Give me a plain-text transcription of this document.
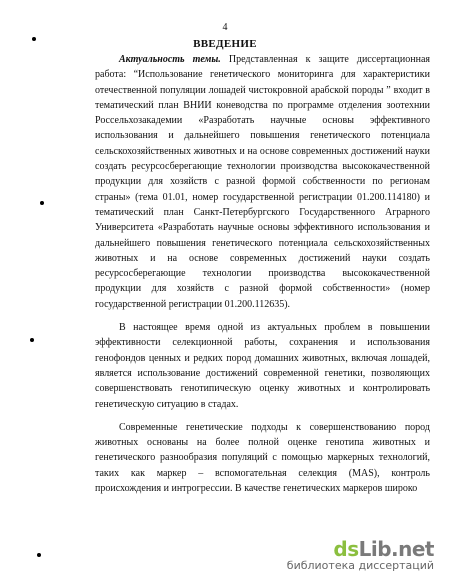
4
ВВЕДЕНИЕ

Актуальность темы. Представленная к защите диссертационная работа: “Использование генетического мониторинга для характеристики отечественной популяции лошадей чистокровной арабской породы ” входит в тематический план ВНИИ коневодства по программе отделения зоотехнии Россельхозакадемии «Разработать научные основы эффективного использования и дальнейшего повышения генетического потенциала сельскохозяйственных животных и на основе современных достижений науки создать ресурсосберегающие технологии производства высококачественной продукции для хозяйств с разной формой собственности по регионам страны» (тема 01.01, номер государственной регистрации 01.200.114180) и тематический план Санкт-Петербургского Государственного Аграрного Университета «Разработать научные основы эффективного использования и дальнейшего повышения генетического потенциала сельскохозяйственных животных и на основе современных достижений науки создать ресурсосберегающие технологии производства высококачественной продукции для хозяйств с разной формой собственности» (номер государственной регистрации 01.200.112635).

В настоящее время одной из актуальных проблем в повышении эффективности селекционной работы, сохранения и использования генофондов ценных и редких пород домашних животных, включая лошадей, является использование достижений современной генетики, позволяющих совершенствовать генотипическую оценку животных и контролировать генетическую ситуацию в стадах.

Современные генетические подходы к совершенствованию пород животных основаны на более полной оценке генотипа животных и генетического разнообразия популяций с помощью маркерных технологий, таких как маркер – вспомогательная селекция (MAS), контроль происхождения и интрогрессии. В качестве генетических маркеров широко

dsLib.net
библиотека диссертаций
